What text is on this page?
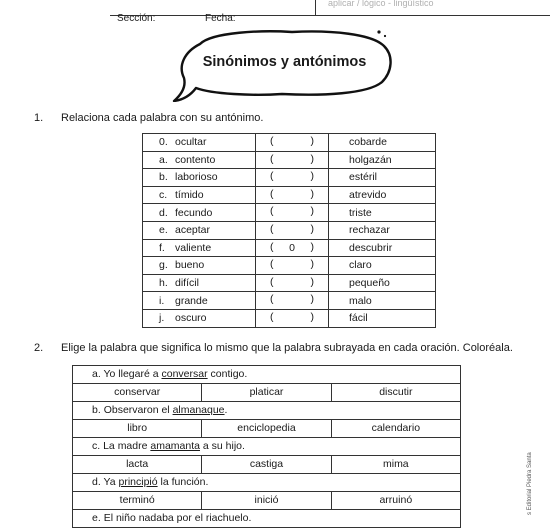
Sección:	Fecha:
aplicar / lógico - lingüístico
Sinónimos y antónimos
1. Relaciona cada palabra con su antónimo.
0. ocultar	( )	cobarde
a. contento	( )	holgazán
b. laborioso	( )	estéril
c. tímido	( )	atrevido
d. fecundo	( )	triste
e. aceptar	( )	rechazar
f. valiente	( 0 )	descubrir
g. bueno	( )	claro
h. difícil	( )	pequeño
i. grande	( )	malo
j. oscuro	( )	fácil
2. Elige la palabra que significa lo mismo que la palabra subrayada en cada oración. Coloréala.
a. Yo llegaré a conversar contigo.
conservar	platicar	discutir
b. Observaron el almanaque.
libro	enciclopedia	calendario
c. La madre amamanta a su hijo.
lacta	castiga	mima
d. Ya principió la función.
terminó	inició	arruinó
e. El niño nadaba por el riachuelo.
s Editorial Piedra Santa
